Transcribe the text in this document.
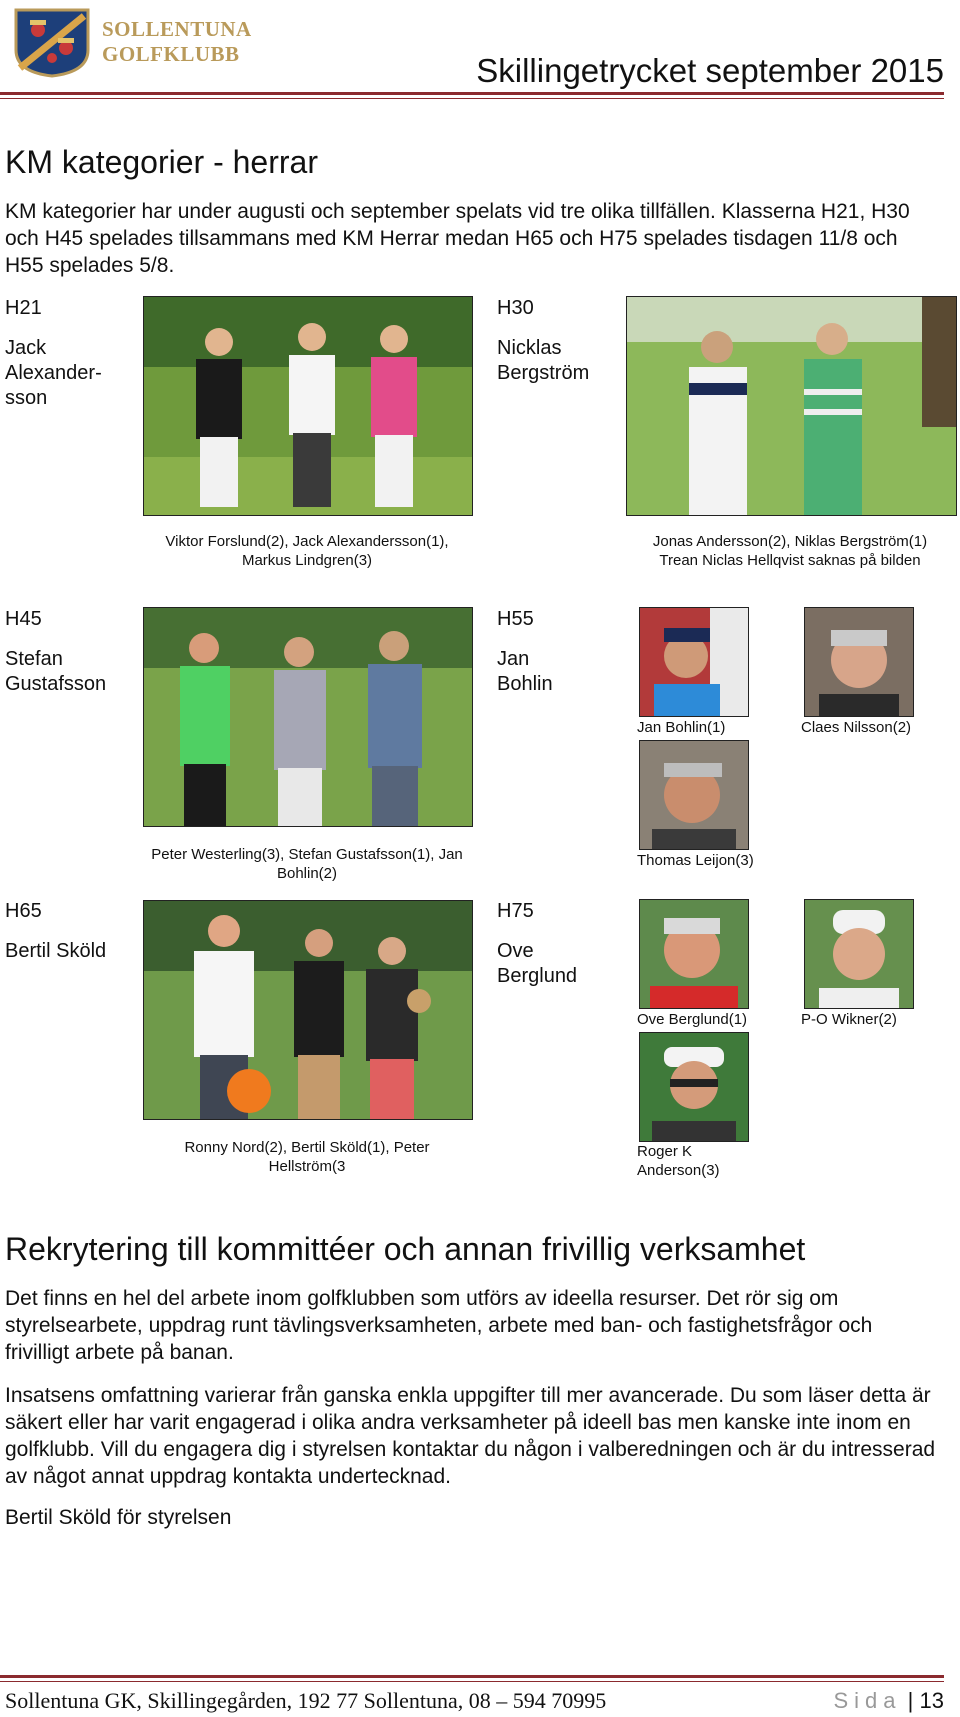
SOLLENTUNA
GOLFKLUBB	Skillingetrycket september 2015
KM kategorier - herrar
KM kategorier har under augusti och september spelats vid tre olika tillfällen. Klasserna H21, H30 och H45 spelades tillsammans med KM Herrar medan H65 och H75 spelades tisdagen 11/8 och H55 spelades 5/8.
H21
Jack Alexandersson
Viktor Forslund(2), Jack Alexandersson(1), Markus Lindgren(3)
H30
Nicklas Bergström
Jonas Andersson(2), Niklas Bergström(1)
Trean Niclas Hellqvist saknas på bilden
H45
Stefan Gustafsson
Peter Westerling(3), Stefan Gustafsson(1), Jan Bohlin(2)
H55
Jan Bohlin
Jan Bohlin(1)	Claes Nilsson(2)
Thomas Leijon(3)
H65
Bertil Sköld
Ronny Nord(2), Bertil Sköld(1), Peter Hellström(3
H75
Ove Berglund
Ove Berglund(1)	P-O Wikner(2)
Roger K Anderson(3)
Rekrytering till kommittéer och annan frivillig verksamhet
Det finns en hel del arbete inom golfklubben som utförs av ideella resurser. Det rör sig om styrelsearbete, uppdrag runt tävlingsverksamheten, arbete med ban- och fastighetsfrågor och frivilligt arbete på banan.
Insatsens omfattning varierar från ganska enkla uppgifter till mer avancerade. Du som läser detta är säkert eller har varit engagerad i olika andra verksamheter på ideell bas men kanske inte inom en golfklubb. Vill du engagera dig i styrelsen kontaktar du någon i valberedningen och är du intresserad av något annat uppdrag kontakta undertecknad.
Bertil Sköld för styrelsen
Sollentuna GK, Skillingegården, 192 77 Sollentuna, 08 – 594 70995	Sida | 13
